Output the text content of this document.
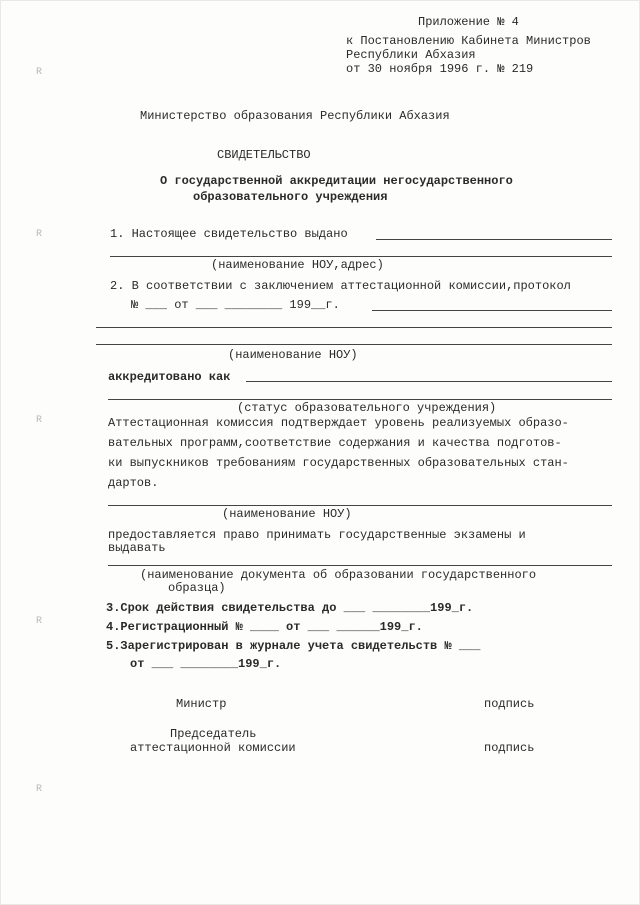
R
R
R
R
R
Приложение № 4
к Постановлению Кабинета Министров
Республики Абхазия
от 30 ноября 1996 г. № 219
Министерство образования Республики Абхазия
СВИДЕТЕЛЬСТВО
О государственной аккредитации негосударственного
образовательного учреждения
1. Настоящее свидетельство выдано
(наименование НОУ,адрес)
2. В соответствии с заключением аттестационной комиссии,протокол
№ ___ от ___ ________ 199__г.
(наименование НОУ)
аккредитовано как
(статус образовательного учреждения)
Аттестационная комиссия подтверждает уровень реализуемых образо-
вательных программ,соответствие содержания и качества подготов-
ки выпускников требованиям государственных образовательных стан-
дартов.
(наименование НОУ)
предоставляется право принимать государственные экзамены и
выдавать
(наименование документа об образовании государственного
образца)
3.Срок действия свидетельства до ___ ________199_г.
4.Регистрационный № ____ от ___ ______199_г.
5.Зарегистрирован в журнале учета свидетельств № ___
от ___ ________199_г.
Министр	подпись
Председатель
аттестационной комиссии	подпись
